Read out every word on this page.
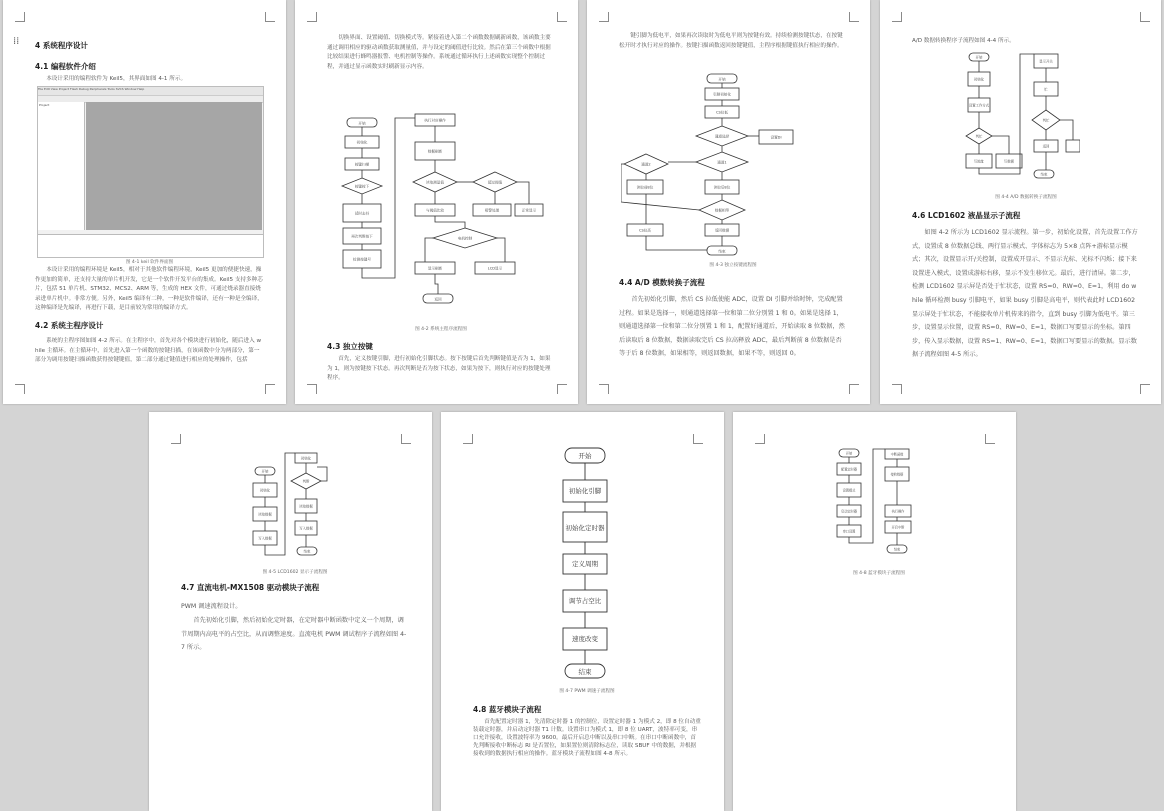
⁞⁞ 4 系统程序设计
4.1 编程软件介绍
本设计采用的编程软件为 Keil5，其界面如图 4-1 所示。
File Edit View Project Flash Debug Peripherals Tools SVCS Window Help
Project
图 4-1 keil 软件界面图
本设计采用的编程环境是 Keil5，相对于其他软件编程环境，Keil5 更加的便捷快速，操作更加的简单，还支持大量的单片机开发，它是一个软件开发平台的集成。Keil5 支持多种芯片，包括 51 单片机、STM32、MCS2、ARM 等，生成的 HEX 文件，可通过烧录器直接烧录进单片机中。非常方便。另外，Keil5 编译有二种，一种是软件编译，还有一种是全编译，这种编译是先编译，再进行下载，是目前较为常用的编译方式。
4.2 系统主程序设计
系统的主程序图如图 4-2 所示。在主程序中，首先对各个模块进行初始化，随后进入 while 主循环。在主循环中，首先进入第一个函数的按键扫描，在该函数中分为两部分，第一部分为调用按键扫描函数获得按键键值，第二部分通过键值进行相应的处理操作，包括
切换界面、设置阈值、切换模式等。紧接着进入第二个函数数据刷新函数，该函数主要通过调用相应的驱动函数获取测量值，并与设定的阈值进行比较。然后在第三个函数中根据比较结果进行蜂鸣器报警、电机控制等操作。系统通过循环执行上述函数实现整个控制过程，并通过显示函数实时刷新显示内容。
开始
初始化
按键扫描
按键按下
延时去抖
再次判断按下
检测按键号
执行对应操作
数据刷新
读取测量值
与阈值比较
超过阈值
报警处理	正常显示
电机控制
显示刷新	LCD显示
返回
图 4-2 系统主程序流程图
4.3 独立按键
首先，定义按键引脚，进行初始化引脚状态。按下按键后首先判断键值是否为 1，如果为 1，则为按键按下状态。再次判断是否为按下状态，如果为按下，则执行对应的按键处理程序。
键引脚为低电平，如果再次读取时为低电平则为按键有效。持续检测按键状态，在按键松开时才执行对应的操作。按键扫描函数返回按键键值，主程序根据键值执行相应的操作。
开始
引脚初始化
CS拉低
通道选择	设置DI
通道1
通道2
读取前8位	读取后8位
数据相等
CS拉高	返回数据
结束
图 4-3 独立按键流程图
4.4 A/D 模数转换子流程
首先初始化引脚，然后 CS 拉低使能 ADC，设置 DI 引脚并给时钟，完成配置过程。如果是选择一，则通道选择第一位和第二位分别置 1 和 0。如果是选择 1，则通道选择第一位和第二位分别置 1 和 1，配置好通道后，开始读取 8 位数据，然后读取后 8 位数据，数据读取完后 CS 拉高释放 ADC，最后判断前 8 位数据是否等于后 8 位数据，如果相等，则返回数据，如果不等，则返回 0。
A/D 数据转换程序子流程如图 4-4 所示。
开始
初始化
设置工作方式
判忙
写地址	写数据
显示开关
忙
判忙
返回
结束
图 4-4 A/D 数据转换子流程图
4.6 LCD1602 液晶显示子流程
如图 4-2 所示为 LCD1602 显示流程。第一步，初始化设置，首先设置工作方式，设置成 8 位数据总线、两行显示模式、字体标志为 5×8 点阵+游标显示模式；其次，设置显示开/关控制，设置成开显示、不显示光标、光标不闪烁；接下来设置进入模式，设置成游标右移，显示不发生移位元。最后，进行清屏。第二步，检测 LCD1602 显示屏是否处于忙状态，设置 RS=0、RW=0、E=1，利用 do while 循环检测 busy 引脚电平，如果 busy 引脚是高电平，则代表此时 LCD1602 显示屏处于忙状态，不能接收单片机传来的指令，直到 busy 引脚为低电平。第三步，设置显示位置，设置 RS=0、RW=0、E=1，数据口写要显示的坐标。第四步，传入显示数据，设置 RS=1、RW=0、E=1，数据口写要显示的数据。显示数据子流程如图 4-5 所示。
开始
初始化
读取数据
写入数据
初始化
判断
读取数据
写入数据
结束
图 4-5 LCD1602 显示子流程图
4.7 直流电机-MX1508 驱动模块子流程
PWM 调速流程设计。
首先初始化引脚，然后初始化定时器，在定时器中断函数中定义一个周期，调节周期内高电平的占空比，从而调整速度。直流电机 PWM 调试程序子流程如图 4-7 所示。
开始
初始化引脚
初始化定时器
定义周期
调节占空比
速度改变
结束
图 4-7 PWM 调速子流程图
4.8 蓝牙模块子流程
首先配置定时器 1，先清除定时器 1 的控制位，设置定时器 1 为模式 2，即 8 位自动重装载定时器，并启动定时器 T1 计数。设置串口为模式 1，即 8 位 UART，波特率可变，串口允许接收，设置波特率为 9600。最后开启总中断以及串口中断。在串口中断函数中，首先判断接收中断标志 RI 是否置位，如果置位则清除标志位，读取 SBUF 中的数据，并根据接收到的数据执行相应的操作。蓝牙模块子流程如图 4-8 所示。
开始
配置定时器
设置模式
启动定时器
串口设置
中断函数
接收数据
执行操作
开启中断
结束
图 4-8 蓝牙模块子流程图
